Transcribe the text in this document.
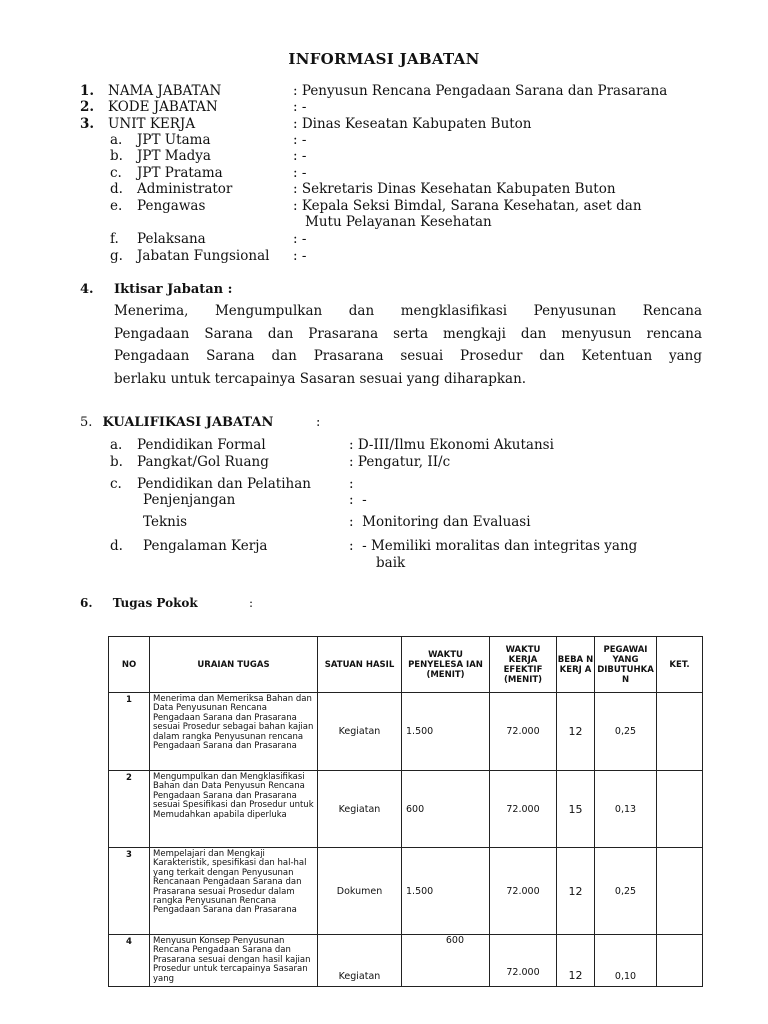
INFORMASI JABATAN
1. NAMA JABATAN	: Penyusun Rencana Pengadaan Sarana dan Prasarana
2. KODE JABATAN	: -
3. UNIT KERJA	: Dinas Keseatan Kabupaten Buton
a. JPT Utama	: -
b. JPT Madya	: -
c. JPT Pratama	: -
d. Administrator	: Sekretaris Dinas Kesehatan Kabupaten Buton
e. Pengawas	: Kepala Seksi Bimdal, Sarana Kesehatan, aset dan
Mutu Pelayanan Kesehatan
f. Pelaksana	: -
g. Jabatan Fungsional : -
4. Iktisar Jabatan :
Menerima, Mengumpulkan dan mengklasifikasi Penyusunan Rencana
Pengadaan Sarana dan Prasarana serta mengkaji dan menyusun rencana
Pengadaan Sarana dan Prasarana sesuai Prosedur dan Ketentuan yang
berlaku untuk tercapainya Sasaran sesuai yang diharapkan.
5. KUALIFIKASI JABATAN	:
a. Pendidikan Formal	: D-III/Ilmu Ekonomi Akutansi
b. Pangkat/Gol Ruang	: Pengatur, II/c
c. Pendidikan dan Pelatihan	:
Penjenjangan	:  -
Teknis	:  Monitoring dan Evaluasi
d. Pengalaman Kerja	:  - Memiliki moralitas dan integritas yang
baik
6. Tugas Pokok	:
NO	URAIAN TUGAS	SATUAN HASIL	WAKTU PENYELESA IAN (MENIT)	WAKTU KERJA EFEKTIF (MENIT)	BEBA N KERJ A	PEGAWAI YANG DIBUTUHKA N	KET.
1	Menerima dan Memeriksa Bahan dan Data Penyusunan Rencana Pengadaan Sarana dan Prasarana sesuai Prosedur sebagai bahan kajian dalam rangka Penyusunan rencana Pengadaan Sarana dan Prasarana	Kegiatan	1.500	72.000	12	0,25	
2	Mengumpulkan dan Mengklasifikasi Bahan dan Data Penyusun Rencana Pengadaan Sarana dan Prasarana sesuai Spesifikasi dan Prosedur untuk Memudahkan apabila diperluka	Kegiatan	600	72.000	15	0,13	
3	Mempelajari dan Mengkaji Karakteristik, spesifikasi dan hal-hal yang terkait dengan Penyusunan Rencanaan Pengadaan Sarana dan Prasarana sesuai Prosedur dalam rangka Penyusunan Rencana Pengadaan Sarana dan Prasarana	Dokumen	1.500	72.000	12	0,25	
4	Menyusun Konsep Penyusunan Rencana Pengadaan Sarana dan Prasarana sesuai dengan hasil kajian Prosedur untuk tercapainya Sasaran yang	Kegiatan	600	72.000	12	0,10	
